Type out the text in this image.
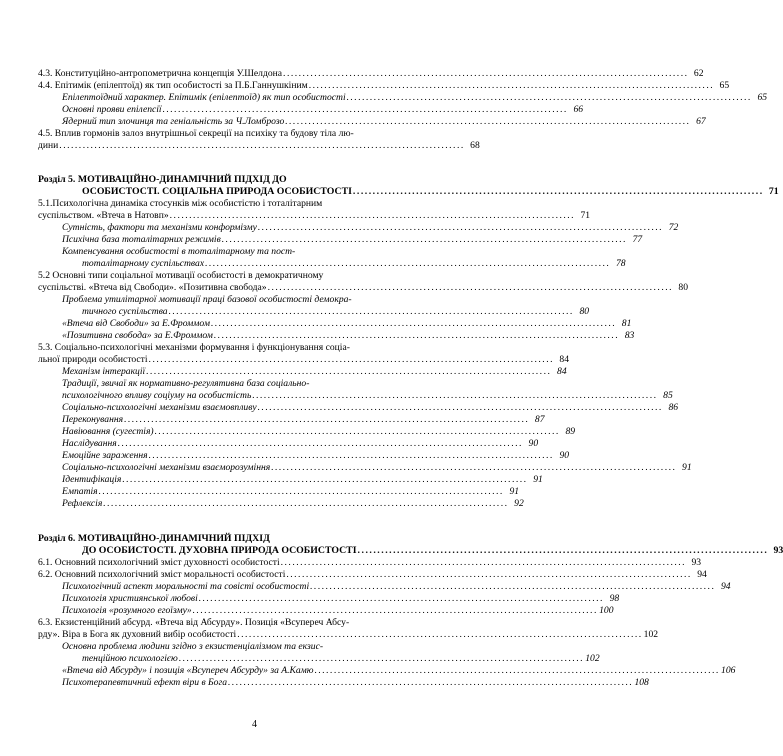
4.3. Конституційно-антропометрична концепція У.Шелдона ........................................................................................................ 62
4.4. Епітимік (епілептоїд) як тип особистості за П.Б.Ганнушкіним ........................................................................................................ 65
Епілептоїдний характер. Епітимік (епілептоїд) як тип особистості ........................................................................................................ 65
Основні прояви епілепсії ........................................................................................................ 66
Ядерний тип злочинця та геніальність за Ч.Ломброзо ........................................................................................................ 67
4.5. Вплив гормонів залоз внутрішньої секреції на психіку та будову тіла лю-
дини ........................................................................................................ 68
Розділ 5. МОТИВАЦІЙНО-ДИНАМІЧНИЙ ПІДХІД ДО
ОСОБИСТОСТІ. СОЦІАЛЬНА ПРИРОДА ОСОБИСТОСТІ ........................................................................................................ 71
5.1.Психологічна динаміка стосунків між особистістю і тоталітарним
суспільством. «Втеча в Натовп» ........................................................................................................ 71
Сутність, фактори та механізми конформізму ........................................................................................................ 72
Психічна база тоталітарних режимів ........................................................................................................ 77
Компенсування особистості в тоталітарному та пост-
тоталітарному суспільствах ........................................................................................................ 78
5.2 Основні типи соціальної мотивації особистості в демократичному
суспільстві. «Втеча від Свободи». «Позитивна свобода» ........................................................................................................ 80
Проблема утилітарної мотивації праці базової особистості демокра-
тичного суспільства ........................................................................................................ 80
«Втеча від Свободи» за Е.Фроммом ........................................................................................................ 81
«Позитивна свобода» за Е.Фроммом ........................................................................................................ 83
5.3. Соціально-психологічні механізми формування і функціонування соціа-
льної природи особистості ........................................................................................................ 84
Механізм інтеракції ........................................................................................................ 84
Традиції, звичаї як нормативно-регулятивна база соціально-
психологічного впливу соціуму на особистість ........................................................................................................ 85
Соціально-психологічні механізми взаємовпливу ........................................................................................................ 86
Переконування ........................................................................................................ 87
Навіювання (сугестія) ........................................................................................................ 89
Наслідування ........................................................................................................ 90
Емоційне зараження ........................................................................................................ 90
Соціально-психологічні механізми взаєморозуміння ........................................................................................................ 91
Ідентифікація ........................................................................................................ 91
Емпатія ........................................................................................................ 91
Рефлексія ........................................................................................................ 92
Розділ 6. МОТИВАЦІЙНО-ДИНАМІЧНИЙ ПІДХІД
ДО ОСОБИСТОСТІ. ДУХОВНА ПРИРОДА ОСОБИСТОСТІ ........................................................................................................ 93
6.1. Основний психологічний зміст духовності особистості ........................................................................................................ 93
6.2. Основний психологічний зміст моральності особистості ........................................................................................................ 94
Психологічний аспект моральності та совісті особистості ........................................................................................................ 94
Психологія християнської любові ........................................................................................................ 98
Психологія «розумного егоїзму» ........................................................................................................ 100
6.3. Екзистенційний абсурд. «Втеча від Абсурду». Позиція «Всупереч Абсу-
рду». Віра в Бога як духовний вибір особистості ........................................................................................................ 102
Основна проблема людини згідно з екзистенціалізмом та екзис-
тенційною психологією ........................................................................................................ 102
«Втеча від Абсурду» і позиція «Всупереч Абсурду» за А.Камю ........................................................................................................ 106
Психотерапевтичний ефект віри в Бога ........................................................................................................ 108
4
